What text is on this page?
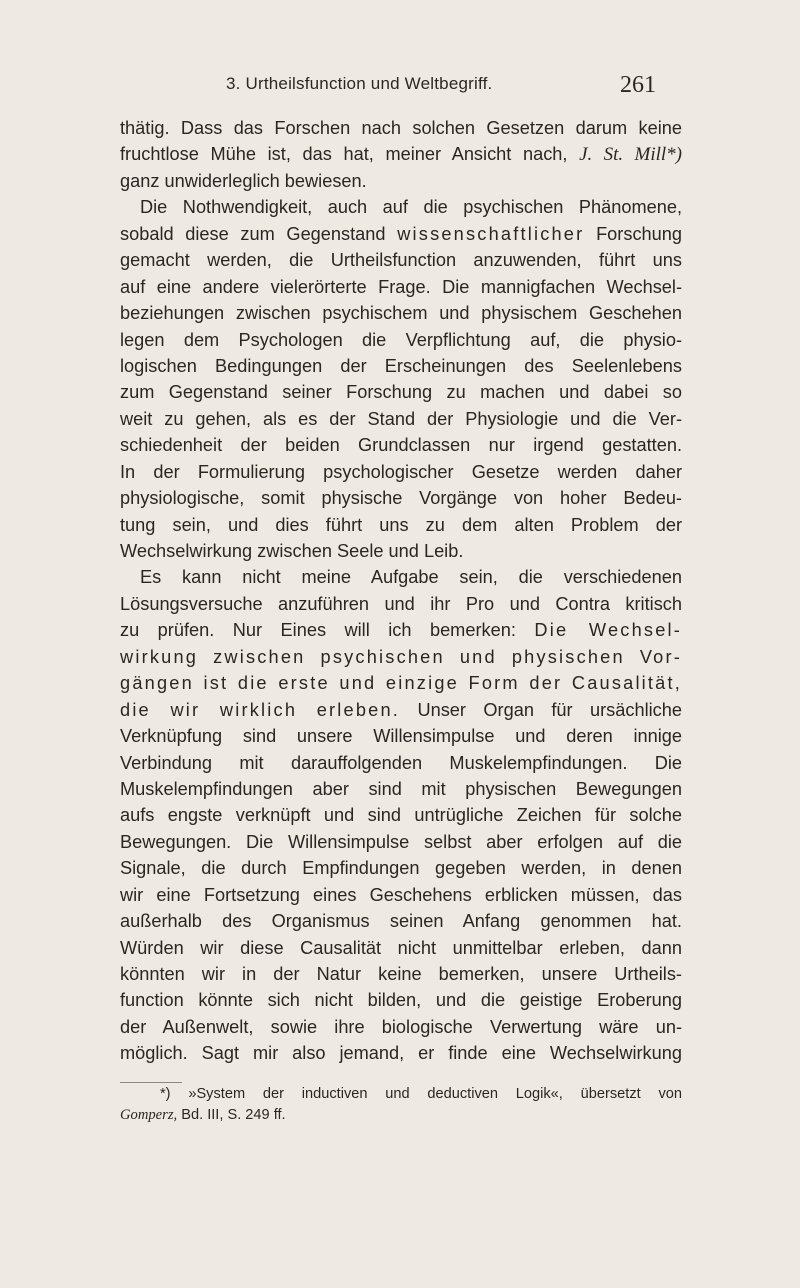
3. Urtheilsfunction und Weltbegriff.	261
thätig. Dass das Forschen nach solchen Gesetzen darum keine
fruchtlose Mühe ist, das hat, meiner Ansicht nach, J. St. Mill*)
ganz unwiderleglich bewiesen.
Die Nothwendigkeit, auch auf die psychischen Phänomene,
sobald diese zum Gegenstand wissenschaftlicher Forschung
gemacht werden, die Urtheilsfunction anzuwenden, führt uns
auf eine andere vielerörterte Frage. Die mannigfachen Wechsel-
beziehungen zwischen psychischem und physischem Geschehen
legen dem Psychologen die Verpflichtung auf, die physio-
logischen Bedingungen der Erscheinungen des Seelenlebens
zum Gegenstand seiner Forschung zu machen und dabei so
weit zu gehen, als es der Stand der Physiologie und die Ver-
schiedenheit der beiden Grundclassen nur irgend gestatten.
In der Formulierung psychologischer Gesetze werden daher
physiologische, somit physische Vorgänge von hoher Bedeu-
tung sein, und dies führt uns zu dem alten Problem der
Wechselwirkung zwischen Seele und Leib.
Es kann nicht meine Aufgabe sein, die verschiedenen
Lösungsversuche anzuführen und ihr Pro und Contra kritisch
zu prüfen. Nur Eines will ich bemerken: Die Wechsel-
wirkung zwischen psychischen und physischen Vor-
gängen ist die erste und einzige Form der Causalität,
die wir wirklich erleben. Unser Organ für ursächliche
Verknüpfung sind unsere Willensimpulse und deren innige
Verbindung mit darauffolgenden Muskelempfindungen. Die
Muskelempfindungen aber sind mit physischen Bewegungen
aufs engste verknüpft und sind untrügliche Zeichen für solche
Bewegungen. Die Willensimpulse selbst aber erfolgen auf die
Signale, die durch Empfindungen gegeben werden, in denen
wir eine Fortsetzung eines Geschehens erblicken müssen, das
außerhalb des Organismus seinen Anfang genommen hat.
Würden wir diese Causalität nicht unmittelbar erleben, dann
könnten wir in der Natur keine bemerken, unsere Urtheils-
function könnte sich nicht bilden, und die geistige Eroberung
der Außenwelt, sowie ihre biologische Verwertung wäre un-
möglich. Sagt mir also jemand, er finde eine Wechselwirkung
*) »System der inductiven und deductiven Logik«, übersetzt von
Gomperz, Bd. III, S. 249 ff.
